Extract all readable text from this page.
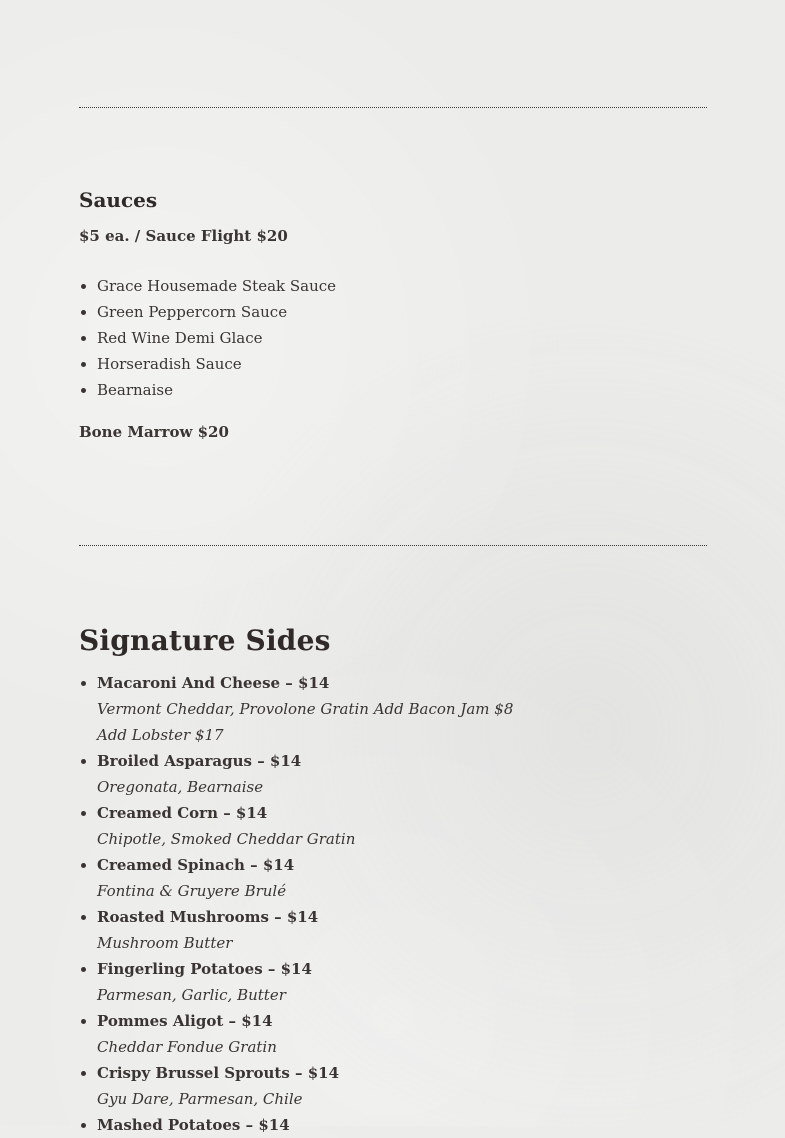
Sauces

$5 ea. / Sauce Flight $20

• Grace Housemade Steak Sauce
• Green Peppercorn Sauce
• Red Wine Demi Glace
• Horseradish Sauce
• Bearnaise

Bone Marrow $20

Signature Sides
• Macaroni And Cheese – $14
Vermont Cheddar, Provolone Gratin Add Bacon Jam $8
Add Lobster $17
• Broiled Asparagus – $14
Oregonata, Bearnaise
• Creamed Corn – $14
Chipotle, Smoked Cheddar Gratin
• Creamed Spinach – $14
Fontina & Gruyere Brulé
• Roasted Mushrooms – $14
Mushroom Butter
• Fingerling Potatoes – $14
Parmesan, Garlic, Butter
• Pommes Aligot – $14
Cheddar Fondue Gratin
• Crispy Brussel Sprouts – $14
Gyu Dare, Parmesan, Chile
• Mashed Potatoes – $14
